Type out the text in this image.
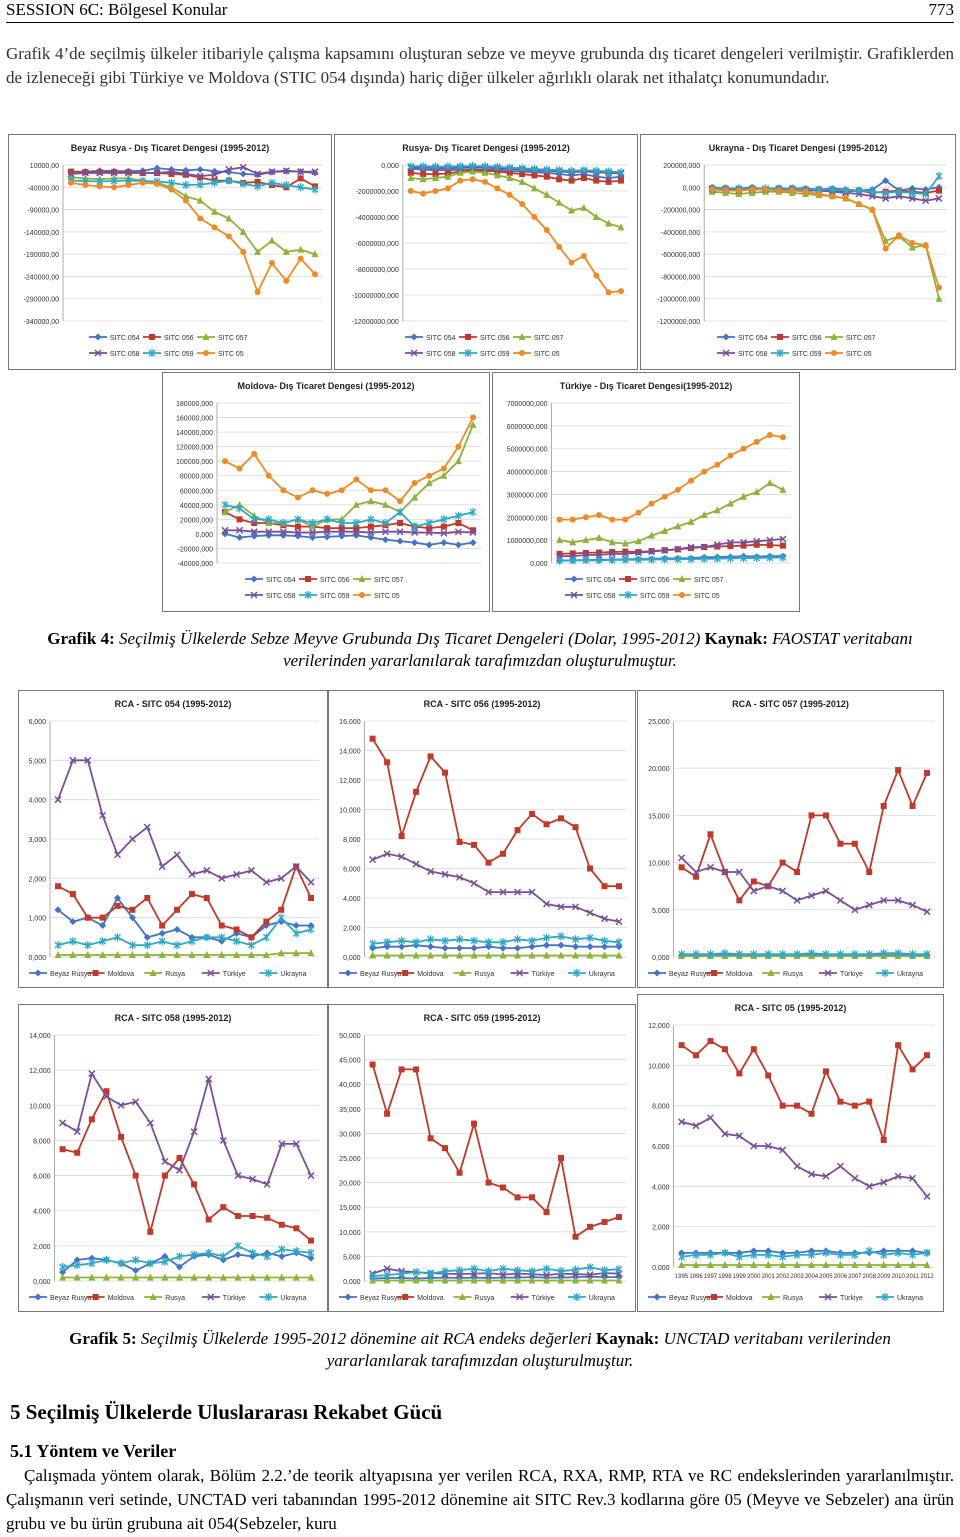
SESSION 6C: Bölgesel Konular	773
Grafik 4’de seçilmiş ülkeler itibariyle çalışma kapsamını oluşturan sebze ve meyve grubunda dış ticaret dengeleri verilmiştir. Grafiklerden de izleneceği gibi Türkiye ve Moldova (STIC 054 dışında) hariç diğer ülkeler ağırlıklı olarak net ithalatçı konumundadır.
Beyaz Rusya - Dış Ticaret Dengesi (1995-2012)
10000,00
-40000,00
-90000,00
-140000,00
-190000,00
-240000,00
-290000,00
-340000,00
SITC 054	SITC 056	SITC 057
SITC 058	SITC 059	SITC 05
Rusya- Dış Ticaret Dengesi (1995-2012)
0,000
-2000000,000
-4000000,000
-6000000,000
-8000000,000
-10000000,000
-12000000,000
SITC 054	SITC 056	SITC 057
SITC 058	SITC 059	SITC 05
Ukrayna - Dış Ticaret Dengesi (1995-2012)
200000,000
0,000
-200000,000
-400000,000
-600000,000
-800000,000
-1000000,000
-1200000,000
SITC 054	SITC 056	SITC 057
SITC 058	SITC 059	SITC 05
Moldova- Dış Ticaret Dengesi (1995-2012)
180000,000
160000,000
140000,000
120000,000
100000,000
80000,000
60000,000
40000,000
20000,000
0,000
-20000,000
-40000,000
SITC 054	SITC 056	SITC 057
SITC 058	SITC 059	SITC 05
Türkiye - Dış Ticaret Dengesi(1995-2012)
7000000,000
6000000,000
5000000,000
4000000,000
3000000,000
2000000,000
1000000,000
0,000
SITC 054	SITC 056	SITC 057
SITC 058	SITC 059	SITC 05
Grafik 4: Seçilmiş Ülkelerde Sebze Meyve Grubunda Dış Ticaret Dengeleri (Dolar, 1995-2012) Kaynak: FAOSTAT veritabanı verilerinden yararlanılarak tarafımızdan oluşturulmuştur.
RCA - SITC 054 (1995-2012)
6,000
5,000
4,000
3,000
2,000
1,000
0,000
Beyaz Rusya Moldova	Rusya	Türkiye	Ukrayna
RCA - SITC 056 (1995-2012)
16,000
14,000
12,000
10,000
8,000
6,000
4,000
2,000
0,000
Beyaz Rusya Moldova	Rusya	Türkiye	Ukrayna
RCA - SITC 057 (1995-2012)
25,000
20,000
15,000
10,000
5,000
0,000
Beyaz Rusya Moldova	Rusya	Türkiye	Ukrayna
RCA - SITC 058 (1995-2012)
14,000
12,000
10,000
8,000
6,000
4,000
2,000
0,000
Beyaz Rusya Moldova	Rusya	Türkiye	Ukrayna
RCA - SITC 059 (1995-2012)
50,000
45,000
40,000
35,000
30,000
25,000
20,000
15,000
10,000
5,000
0,000
Beyaz Rusya Moldova	Rusya	Türkiye	Ukrayna
RCA - SITC 05 (1995-2012)
12,000
10,000
8,000
6,000
4,000
2,000
0,000
1995 1996 1997 1998 1999 2000 2001 2002 2003 2004 2005 2006 2007 2008 2009 2010 2011 2012
Beyaz Rusya Moldova	Rusya	Türkiye	Ukrayna
Grafik 5: Seçilmiş Ülkelerde 1995-2012 dönemine ait RCA endeks değerleri Kaynak: UNCTAD veritabanı verilerinden yararlanılarak tarafımızdan oluşturulmuştur.
5 Seçilmiş Ülkelerde Uluslararası Rekabet Gücü
5.1 Yöntem ve Veriler
Çalışmada yöntem olarak, Bölüm 2.2.’de teorik altyapısına yer verilen RCA, RXA, RMP, RTA ve RC endekslerinden yararlanılmıştır. Çalışmanın veri setinde, UNCTAD veri tabanından 1995-2012 dönemine ait SITC Rev.3 kodlarına göre 05 (Meyve ve Sebzeler) ana ürün grubu ve bu ürün grubuna ait 054(Sebzeler, kuru
